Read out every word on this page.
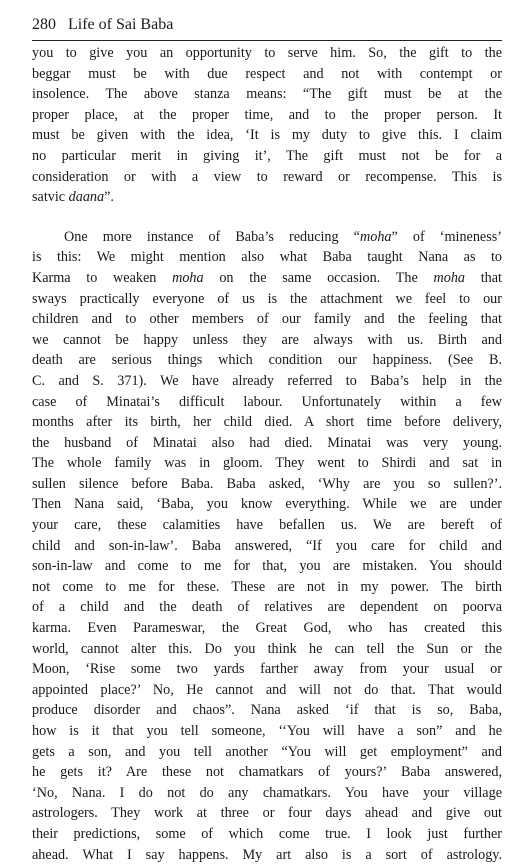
280 Life of Sai Baba
you to give you an opportunity to serve him. So, the gift to the
beggar must be with due respect and not with contempt or
insolence. The above stanza means: “The gift must be at the
proper place, at the proper time, and to the proper person. It
must be given with the idea, ‘It is my duty to give this. I claim
no particular merit in giving it’, The gift must not be for a
consideration or with a view to reward or recompense. This is
satvic daana”.
One more instance of Baba’s reducing “moha” of ‘mineness’
is this: We might mention also what Baba taught Nana as to
Karma to weaken moha on the same occasion. The moha that
sways practically everyone of us is the attachment we feel to our
children and to other members of our family and the feeling that
we cannot be happy unless they are always with us. Birth and
death are serious things which condition our happiness. (See B.
C. and S. 371). We have already referred to Baba’s help in the
case of Minatai’s difficult labour. Unfortunately within a few
months after its birth, her child died. A short time before delivery,
the husband of Minatai also had died. Minatai was very young.
The whole family was in gloom. They went to Shirdi and sat in
sullen silence before Baba. Baba asked, ‘Why are you so sullen?’.
Then Nana said, ‘Baba, you know everything. While we are under
your care, these calamities have befallen us. We are bereft of
child and son-in-law’. Baba answered, “If you care for child and
son-in-law and come to me for that, you are mistaken. You should
not come to me for these. These are not in my power. The birth
of a child and the death of relatives are dependent on poorva
karma. Even Parameswar, the Great God, who has created this
world, cannot alter this. Do you think he can tell the Sun or the
Moon, ‘Rise some two yards farther away from your usual or
appointed place?’ No, He cannot and will not do that. That would
produce disorder and chaos”. Nana asked ‘if that is so, Baba,
how is it that you tell someone, ‘‘You will have a son” and he
gets a son, and you tell another “You will get employment” and
he gets it? Are these not chamatkars of yours?’ Baba answered,
‘No, Nana. I do not do any chamatkars. You have your village
astrologers. They work at three or four days ahead and give out
their predictions, some of which come true. I look just further
ahead. What I say happens. My art also is a sort of astrology.
